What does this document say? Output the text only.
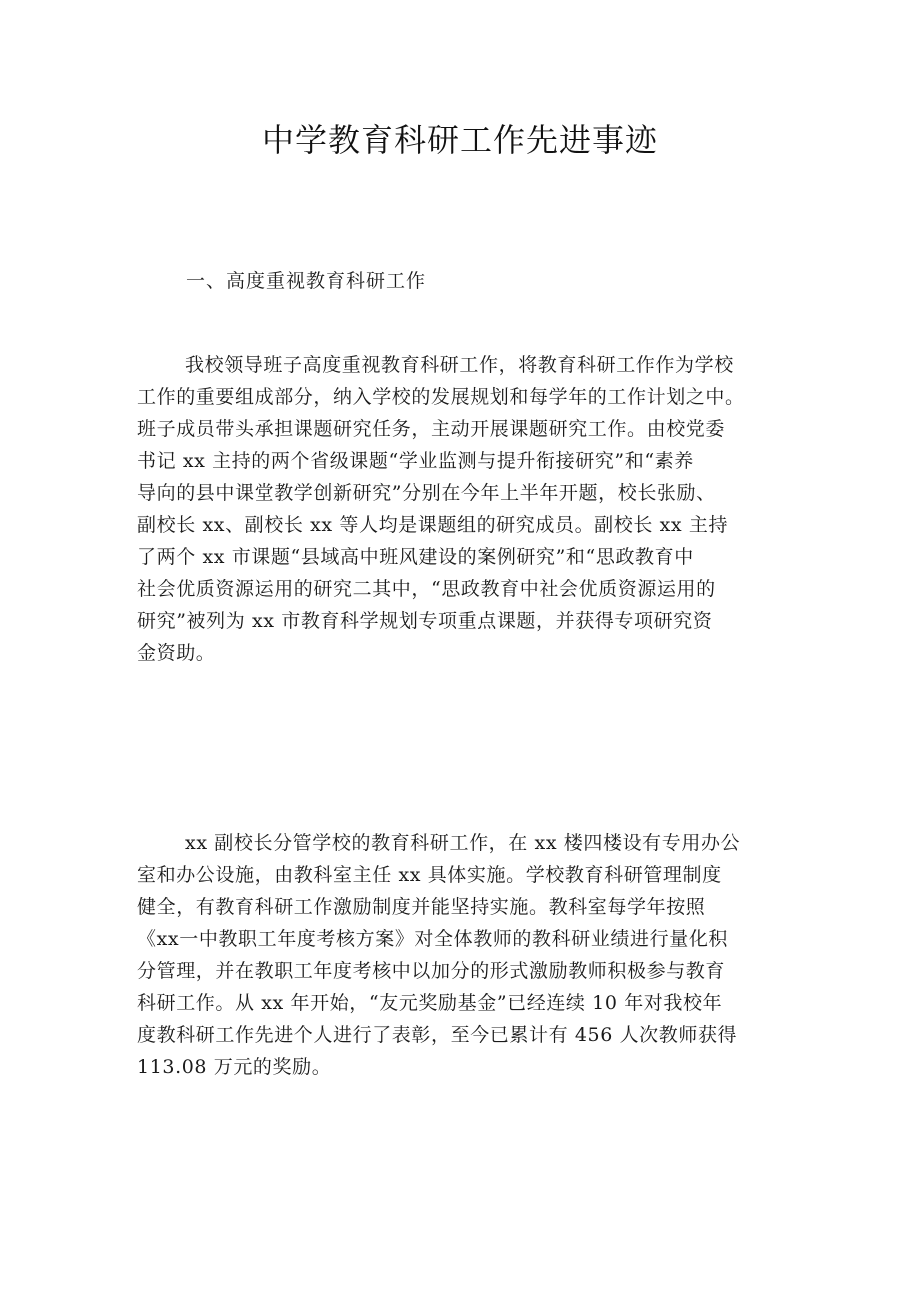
中学教育科研工作先进事迹
一、高度重视教育科研工作
我校领导班子高度重视教育科研工作，将教育科研工作作为学校
工作的重要组成部分，纳入学校的发展规划和每学年的工作计划之中。
班子成员带头承担课题研究任务，主动开展课题研究工作。由校党委
书记 xx 主持的两个省级课题“学业监测与提升衔接研究”和“素养
导向的县中课堂教学创新研究”分别在今年上半年开题，校长张励、
副校长 xx、副校长 xx 等人均是课题组的研究成员。副校长 xx 主持
了两个 xx 市课题“县域高中班风建设的案例研究”和“思政教育中
社会优质资源运用的研究二其中，“思政教育中社会优质资源运用的
研究”被列为 xx 市教育科学规划专项重点课题，并获得专项研究资
金资助。
xx 副校长分管学校的教育科研工作，在 xx 楼四楼设有专用办公
室和办公设施，由教科室主任 xx 具体实施。学校教育科研管理制度
健全，有教育科研工作激励制度并能坚持实施。教科室每学年按照
《xx一中教职工年度考核方案》对全体教师的教科研业绩进行量化积
分管理，并在教职工年度考核中以加分的形式激励教师积极参与教育
科研工作。从 xx 年开始，“友元奖励基金”已经连续 10 年对我校年
度教科研工作先进个人进行了表彰，至今已累计有 456 人次教师获得
113.08 万元的奖励。
